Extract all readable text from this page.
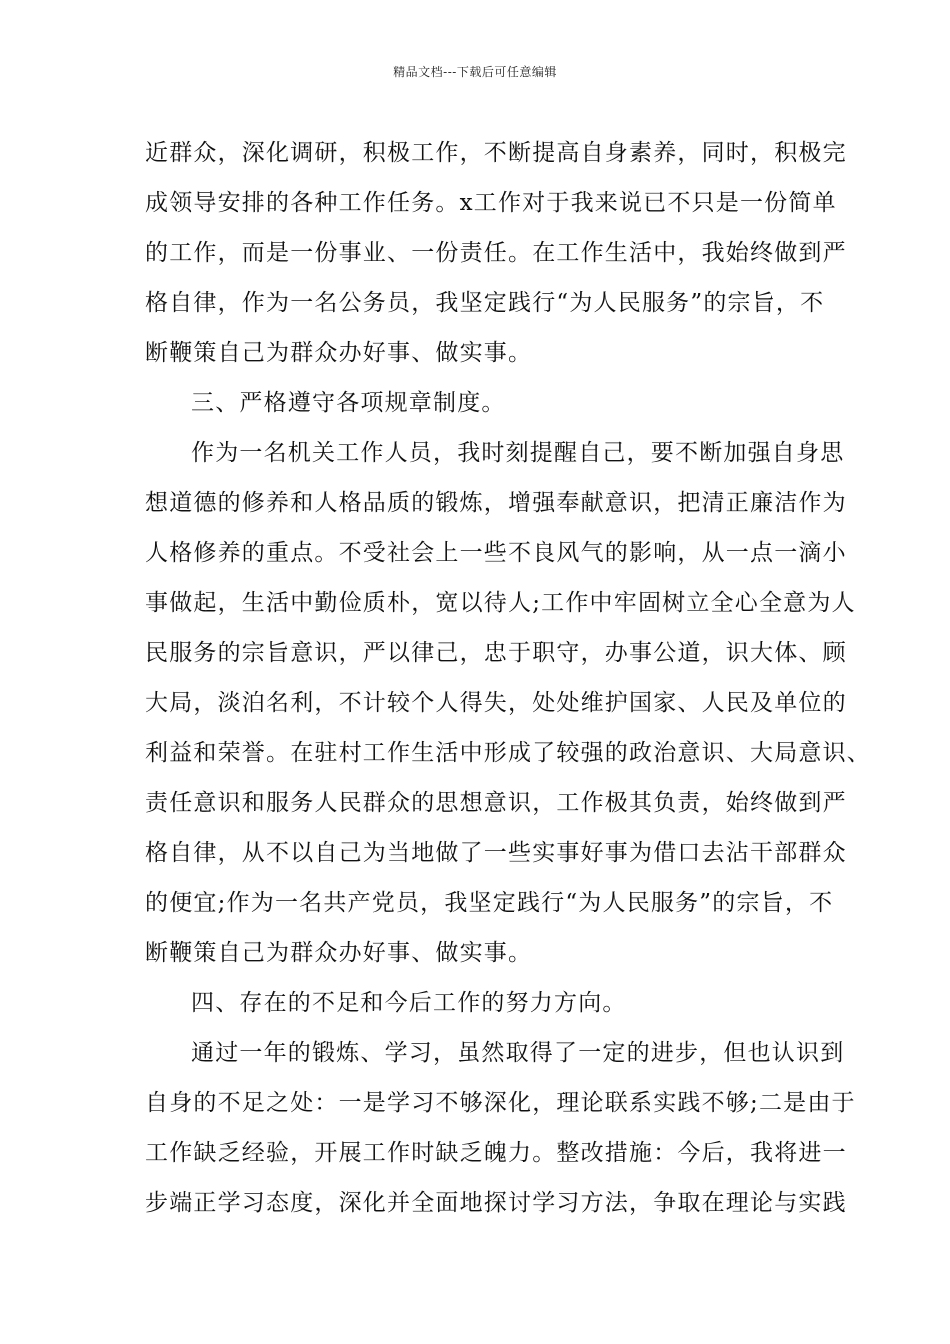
精品文档---下载后可任意编辑
近群众，深化调研，积极工作，不断提高自身素养，同时，积极完
成领导安排的各种工作任务。x工作对于我来说已不只是一份简单
的工作，而是一份事业、一份责任。在工作生活中，我始终做到严
格自律，作为一名公务员，我坚定践行“为人民服务”的宗旨，不
断鞭策自己为群众办好事、做实事。
三、严格遵守各项规章制度。
作为一名机关工作人员，我时刻提醒自己，要不断加强自身思
想道德的修养和人格品质的锻炼，增强奉献意识，把清正廉洁作为
人格修养的重点。不受社会上一些不良风气的影响，从一点一滴小
事做起，生活中勤俭质朴，宽以待人;工作中牢固树立全心全意为人
民服务的宗旨意识，严以律己，忠于职守，办事公道，识大体、顾
大局，淡泊名利，不计较个人得失，处处维护国家、人民及单位的
利益和荣誉。在驻村工作生活中形成了较强的政治意识、大局意识、
责任意识和服务人民群众的思想意识，工作极其负责，始终做到严
格自律，从不以自己为当地做了一些实事好事为借口去沾干部群众
的便宜;作为一名共产党员，我坚定践行“为人民服务”的宗旨，不
断鞭策自己为群众办好事、做实事。
四、存在的不足和今后工作的努力方向。
通过一年的锻炼、学习，虽然取得了一定的进步，但也认识到
自身的不足之处：一是学习不够深化，理论联系实践不够;二是由于
工作缺乏经验，开展工作时缺乏魄力。整改措施：今后，我将进一
步端正学习态度，深化并全面地探讨学习方法，争取在理论与实践
